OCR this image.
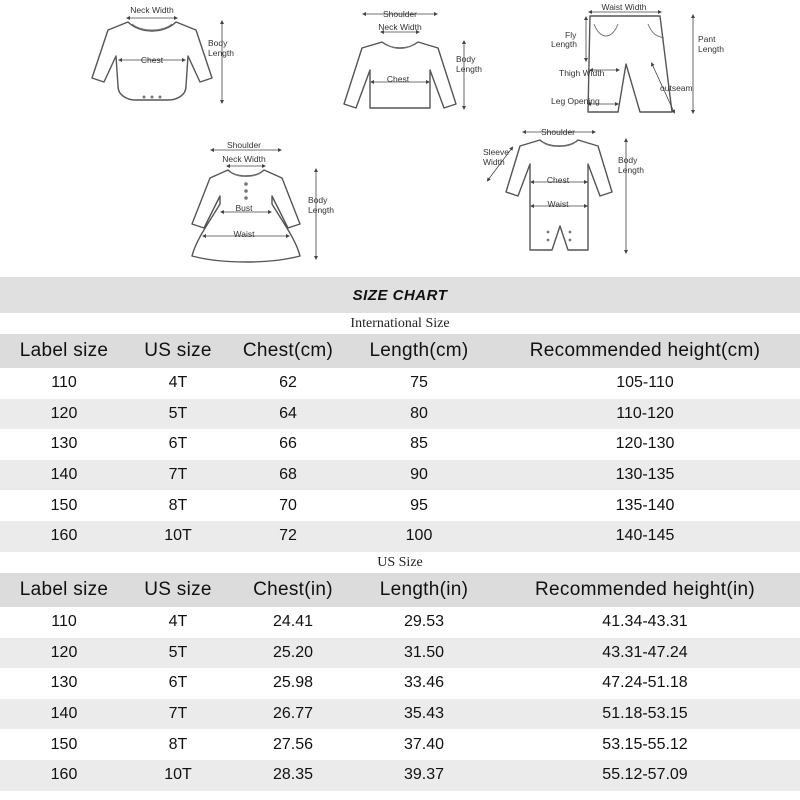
Neck Width
Chest
Body
Length
Shoulder
Neck Width
Chest
Body
Length
Waist Width
Fly
Length	Pant
Length
Thigh Width
Leg Opening
outseam
Shoulder
Neck Width
Bust
Waist
Body
Length
Shoulder
Sleeve
Width
Chest
Waist
Body
Length
SIZE CHART
International Size
Label size	US size	Chest(cm)	Length(cm)	Recommended height(cm)
110	4T	62	75	105-110
120	5T	64	80	110-120
130	6T	66	85	120-130
140	7T	68	90	130-135
150	8T	70	95	135-140
160	10T	72	100	140-145
US Size
Label size	US size	Chest(in)	Length(in)	Recommended height(in)
110	4T	24.41	29.53	41.34-43.31
120	5T	25.20	31.50	43.31-47.24
130	6T	25.98	33.46	47.24-51.18
140	7T	26.77	35.43	51.18-53.15
150	8T	27.56	37.40	53.15-55.12
160	10T	28.35	39.37	55.12-57.09
